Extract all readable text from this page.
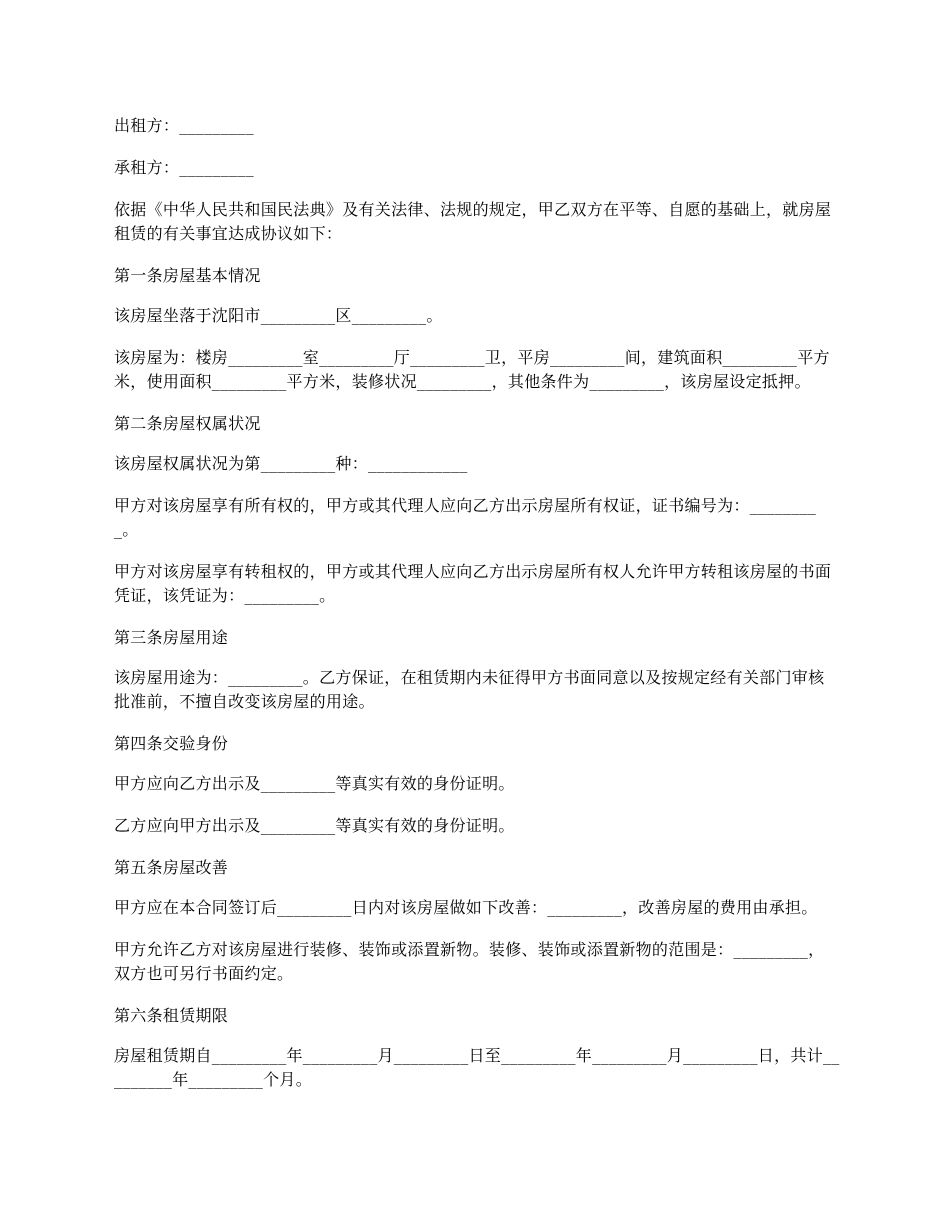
出租方：_________

承租方：_________

依据《中华人民共和国民法典》及有关法律、法规的规定，甲乙双方在平等、自愿的基础上，就房屋租赁的有关事宜达成协议如下：

第一条房屋基本情况

该房屋坐落于沈阳市_________区_________。

该房屋为：楼房_________室_________厅_________卫，平房_________间，建筑面积_________平方米，使用面积_________平方米，装修状况_________，其他条件为_________，该房屋设定抵押。

第二条房屋权属状况

该房屋权属状况为第_________种：____________

甲方对该房屋享有所有权的，甲方或其代理人应向乙方出示房屋所有权证，证书编号为：_________。

甲方对该房屋享有转租权的，甲方或其代理人应向乙方出示房屋所有权人允许甲方转租该房屋的书面凭证，该凭证为：_________。

第三条房屋用途

该房屋用途为：_________。乙方保证，在租赁期内未征得甲方书面同意以及按规定经有关部门审核批准前，不擅自改变该房屋的用途。

第四条交验身份

甲方应向乙方出示及_________等真实有效的身份证明。

乙方应向甲方出示及_________等真实有效的身份证明。

第五条房屋改善

甲方应在本合同签订后_________日内对该房屋做如下改善：_________，改善房屋的费用由承担。

甲方允许乙方对该房屋进行装修、装饰或添置新物。装修、装饰或添置新物的范围是：_________，双方也可另行书面约定。

第六条租赁期限

房屋租赁期自_________年_________月_________日至_________年_________月_________日，共计_________年_________个月。
